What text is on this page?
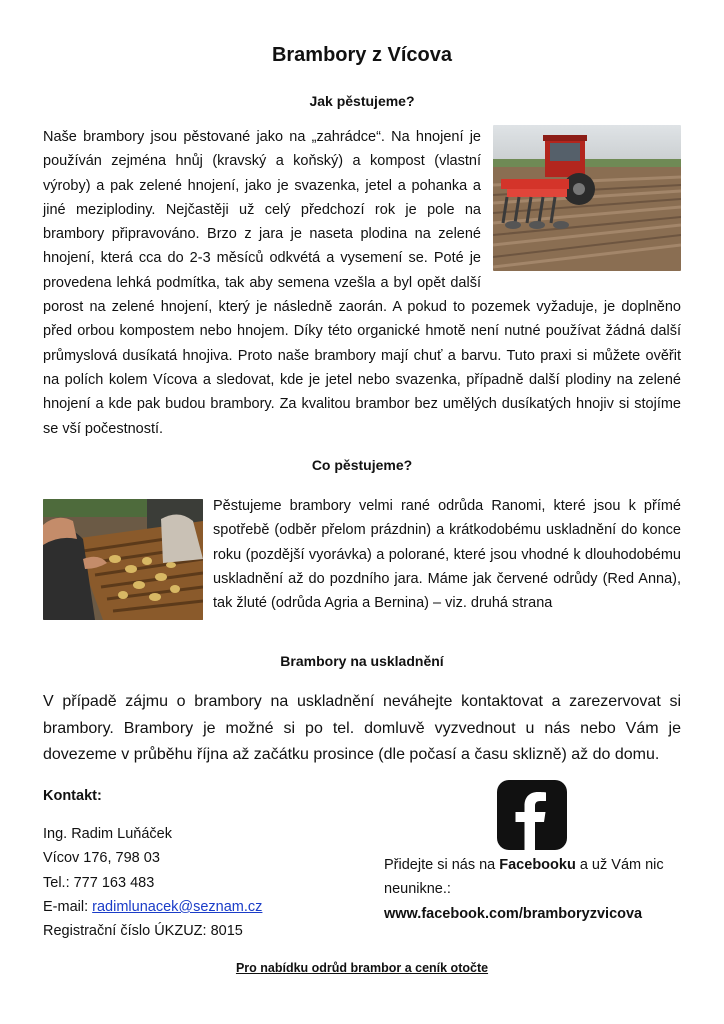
Brambory z Vícova
Jak pěstujeme?

Naše brambory jsou pěstované jako na „zahrádce“. Na hnojení je používán zejména hnůj (kravský a koňský) a kompost (vlastní výroby) a pak zelené hnojení, jako je svazenka, jetel a pohanka a jiné meziplodiny. Nejčastěji už celý předchozí rok je pole na brambory připravováno. Brzo z jara je naseta plodina na zelené hnojení, která cca do 2-3 měsíců odkvétá a vysemení se. Poté je provedena lehká podmítka, tak aby semena vzešla a byl opět další porost na zelené hnojení, který je následně zaorán. A pokud to pozemek vyžaduje, je doplněno před orbou kompostem nebo hnojem. Díky této organické hmotě není nutné používat žádná další průmyslová dusíkatá hnojiva. Proto naše brambory mají chuť a barvu. Tuto praxi si můžete ověřit na polích kolem Vícova a sledovat, kde je jetel nebo svazenka, případně další plodiny na zelené hnojení a kde pak budou brambory. Za kvalitou brambor bez umělých dusíkatých hnojiv si stojíme se vší počestností.

Co pěstujeme?
Pěstujeme brambory velmi rané odrůda Ranomi, které jsou k přímé spotřebě (odběr přelom prázdnin) a krátkodobému uskladnění do konce roku (pozdější vyorávka) a polorané, které jsou vhodné k dlouhodobému uskladnění až do pozdního jara. Máme jak červené odrůdy (Red Anna), tak žluté (odrůda Agria a Bernina) – viz. druhá strana
Brambory na uskladnění
V případě zájmu o brambory na uskladnění neváhejte kontaktovat a zarezervovat si brambory. Brambory je možné si po tel. domluvě vyzvednout u nás nebo Vám je dovezeme v průběhu října až začátku prosince (dle počasí a času sklizně) až do domu.
Kontakt:
Ing. Radim Luňáček
Vícov 176, 798 03
Tel.: 777 163 483
E-mail: radimlunacek@seznam.cz
Registrační číslo ÚKZUZ: 8015
Přidejte si nás na Facebooku a už Vám nic neunikne.:
www.facebook.com/bramboryzvicova
Pro nabídku odrůd brambor a ceník otočte
